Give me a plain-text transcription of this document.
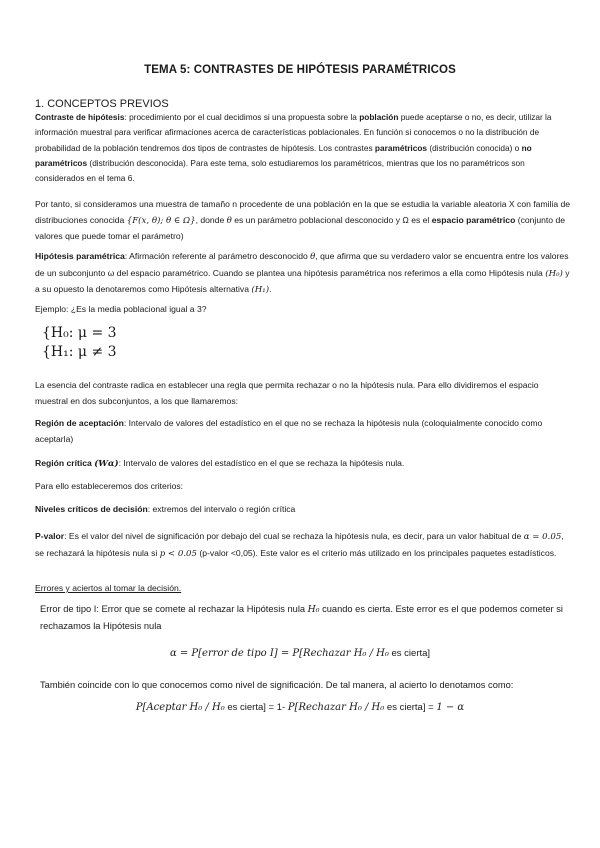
TEMA 5: CONTRASTES DE HIPÓTESIS PARAMÉTRICOS
1. CONCEPTOS PREVIOS
Contraste de hipótesis: procedimiento por el cual decidimos si una propuesta sobre la población puede aceptarse o no, es decir, utilizar la información muestral para verificar afirmaciones acerca de características poblacionales. En función si conocemos o no la distribución de probabilidad de la población tendremos dos tipos de contrastes de hipótesis. Los contrastes paramétricos (distribución conocida) o no paramétricos (distribución desconocida). Para este tema, solo estudiaremos los paramétricos, mientras que los no paramétricos son considerados en el tema 6.
Por tanto, si consideramos una muestra de tamaño n procedente de una población en la que se estudia la variable aleatoria X con familia de distribuciones conocida {F(x, θ); θ ∈ Ω}, donde θ es un parámetro poblacional desconocido y Ω es el espacio paramétrico (conjunto de valores que puede tomar el parámetro)
Hipótesis paramétrica: Afirmación referente al parámetro desconocido θ, que afirma que su verdadero valor se encuentra entre los valores de un subconjunto ω del espacio paramétrico. Cuando se plantea una hipótesis paramétrica nos referimos a ella como Hipótesis nula (H₀) y a su opuesto la denotaremos como Hipótesis alternativa (H₁).
Ejemplo: ¿Es la media poblacional igual a 3?
{H₀: μ = 3
{H₁: μ ≠ 3
La esencia del contraste radica en establecer una regla que permita rechazar o no la hipótesis nula. Para ello dividiremos el espacio muestral en dos subconjuntos, a los que llamaremos:
Región de aceptación: Intervalo de valores del estadístico en el que no se rechaza la hipótesis nula (coloquialmente conocido como aceptarla)
Región crítica (Wα): Intervalo de valores del estadístico en el que se rechaza la hipótesis nula.
Para ello estableceremos dos criterios:
Niveles críticos de decisión: extremos del intervalo o región crítica
P-valor: Es el valor del nivel de significación por debajo del cual se rechaza la hipótesis nula, es decir, para un valor habitual de α = 0.05, se rechazará la hipótesis nula si p < 0.05 (p-valor <0,05). Este valor es el criterio más utilizado en los principales paquetes estadísticos.
Errores y aciertos al tomar la decisión.
Error de tipo I: Error que se comete al rechazar la Hipótesis nula H₀ cuando es cierta. Este error es el que podemos cometer si rechazamos la Hipótesis nula
α = P[error de tipo I] = P[Rechazar H₀ / H₀ es cierta]
También coincide con lo que conocemos como nivel de significación. De tal manera, al acierto lo denotamos como:
P[Aceptar H₀ / H₀ es cierta] = 1- P[Rechazar H₀ / H₀ es cierta] = 1 − α
